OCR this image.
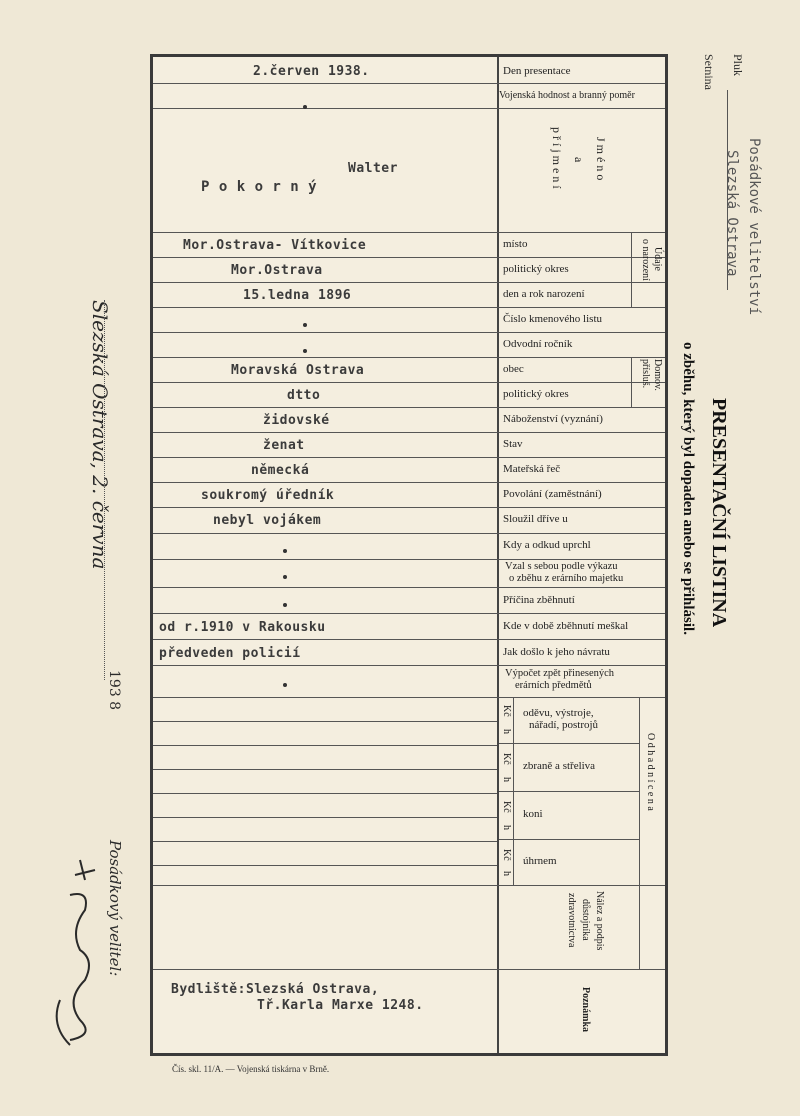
Den presentace
Vojenská hodnost a branný poměr
J m é n o
a
p ř í j m e n í
místo
politický okres
den a rok narození
Údaje
o narození
Číslo kmenového listu
Odvodní ročník
obec
politický okres
Domov.
přísluš.
Náboženství (vyznání)
Stav
Mateřská řeč
Povolání (zaměstnání)
Sloužil dříve u
Kdy a odkud uprchl
Vzal s sebou podle výkazu
o zběhu z erárního majetku
Příčina zběhnutí
Kde v době zběhnutí meškal
Jak došlo k jeho návratu
Výpočet zpět přinesených
erárních předmětů
Kč
h
Kč
h
Kč
h
Kč
h
oděvu, výstroje,
nářadí, postrojů
zbraně a střeliva
koni
úhrnem
O d h a d n í c e n a
Nález a podpis
důstojníka
zdravotnictva
Poznámka
2.červen 1938.
Walter
P o k o r n ý
Mor.Ostrava- Vítkovice
Mor.Ostrava
15.ledna 1896
Moravská Ostrava
dtto
židovské
ženat
německá
soukromý úředník
nebyl vojákem
od r.1910 v Rakousku
předveden policií
Bydliště:Slezská Ostrava,
Tř.Karla Marxe 1248.
Pluk
Setnina
Posádkové velitelství
Slezská Ostrava
PRESENTAČNÍ LISTINA
o zběhu, který byl dopaden anebo se přihlásil.
Slezská Ostrava, 2. června
193 8
Posádkový velitel:
Čís. skl. 11/A. — Vojenská tiskárna v Brně.
